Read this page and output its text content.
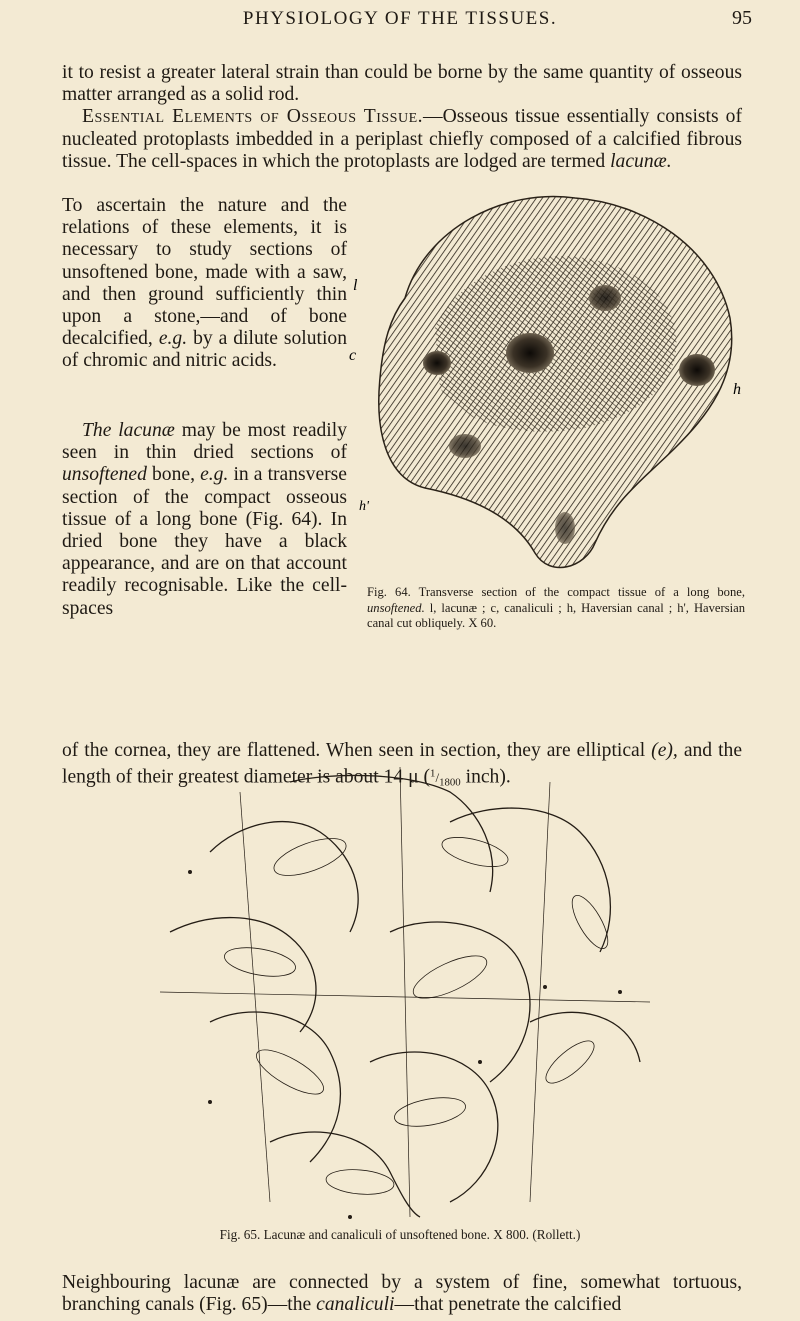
PHYSIOLOGY OF THE TISSUES.	95
it to resist a greater lateral strain than could be borne by the same quantity of osseous matter arranged as a solid rod.
Essential Elements of Osseous Tissue.—Osseous tissue essentially consists of nucleated protoplasts imbedded in a periplast chiefly composed of a calcified fibrous tissue. The cell-spaces in which the protoplasts are lodged are termed lacunæ.
To ascertain the nature and the relations of these elements, it is necessary to study sections of unsoftened bone, made with a saw, and then ground sufficiently thin upon a stone,—and of bone decalcified, e.g. by a dilute solution of chromic and nitric acids.
The lacunæ may be most readily seen in thin dried sections of unsoftened bone, e.g. in a transverse section of the compact osseous tissue of a long bone (Fig. 64). In dried bone they have a black appearance, and are on that account readily recognisable. Like the cell-spaces
of the cornea, they are flattened. When seen in section, they are elliptical (e), and the length of their greatest diameter is about 14 μ ($^1/_{1800}$ inch).
l
c
h
h'
Fig. 64. Transverse section of the compact tissue of a long bone, unsoftened. l, lacunæ ; c, canaliculi ; h, Haversian canal ; h', Haversian canal cut obliquely. X 60.
Fig. 65. Lacunæ and canaliculi of unsoftened bone. X 800. (Rollett.)
Neighbouring lacunæ are connected by a system of fine, somewhat tortuous, branching canals (Fig. 65)—the canaliculi—that penetrate the calcified
